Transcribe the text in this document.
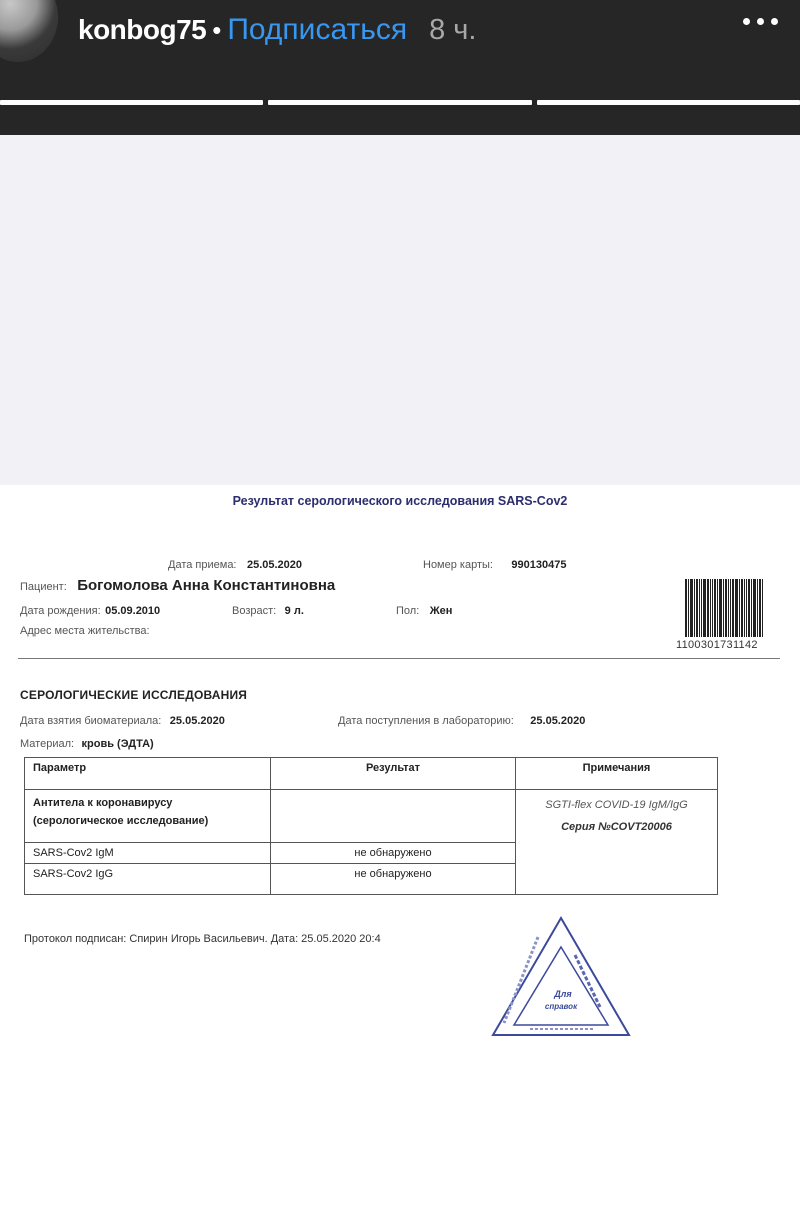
konbog75 • Подписаться 8 ч.
Результат серологического исследования SARS-Cov2
Дата приема: 25.05.2020	Номер карты: 990130475
Пациент: Богомолова Анна Константиновна
Дата рождения: 05.09.2010	Возраст: 9 л.	Пол: Жен
Адрес места жительства:
1100301731142
СЕРОЛОГИЧЕСКИЕ ИССЛЕДОВАНИЯ
Дата взятия биоматериала: 25.05.2020	Дата поступления в лабораторию: 25.05.2020
Материал: кровь (ЭДТА)
Параметр	Результат	Примечания
Антитела к коронавирусу (серологическое исследование)		SGTI-flex COVID-19 IgM/IgG
Серия №COVT20006

SARS-Cov2 IgM	не обнаружено	
SARS-Cov2 IgG	не обнаружено	
Протокол подписан: Спирин Игорь Васильевич. Дата: 25.05.2020 20:4
Для
справок
